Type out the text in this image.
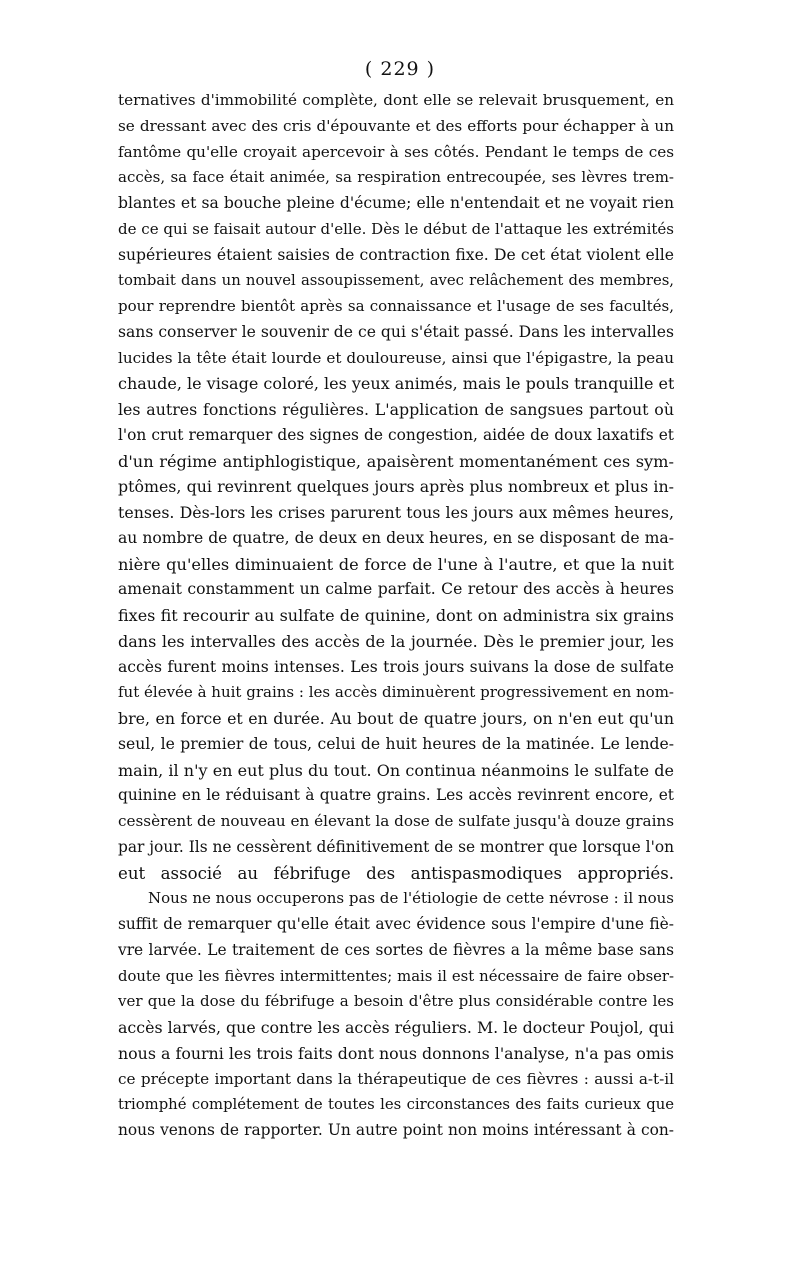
( 229 )
ternatives d'immobilité complète, dont elle se relevait brusquement, en
se dressant avec des cris d'épouvante et des efforts pour échapper à un
fantôme qu'elle croyait apercevoir à ses côtés. Pendant le temps de ces
accès, sa face était animée, sa respiration entrecoupée, ses lèvres trem-
blantes et sa bouche pleine d'écume; elle n'entendait et ne voyait rien
de ce qui se faisait autour d'elle. Dès le début de l'attaque les extrémités
supérieures étaient saisies de contraction fixe. De cet état violent elle
tombait dans un nouvel assoupissement, avec relâchement des membres,
pour reprendre bientôt après sa connaissance et l'usage de ses facultés,
sans conserver le souvenir de ce qui s'était passé. Dans les intervalles
lucides la tête était lourde et douloureuse, ainsi que l'épigastre, la peau
chaude, le visage coloré, les yeux animés, mais le pouls tranquille et
les autres fonctions régulières. L'application de sangsues partout où
l'on crut remarquer des signes de congestion, aidée de doux laxatifs et
d'un régime antiphlogistique, apaisèrent momentanément ces sym-
ptômes, qui revinrent quelques jours après plus nombreux et plus in-
tenses. Dès-lors les crises parurent tous les jours aux mêmes heures,
au nombre de quatre, de deux en deux heures, en se disposant de ma-
nière qu'elles diminuaient de force de l'une à l'autre, et que la nuit
amenait constamment un calme parfait. Ce retour des accès à heures
fixes fit recourir au sulfate de quinine, dont on administra six grains
dans les intervalles des accès de la journée. Dès le premier jour, les
accès furent moins intenses. Les trois jours suivans la dose de sulfate
fut élevée à huit grains : les accès diminuèrent progressivement en nom-
bre, en force et en durée. Au bout de quatre jours, on n'en eut qu'un
seul, le premier de tous, celui de huit heures de la matinée. Le lende-
main, il n'y en eut plus du tout. On continua néanmoins le sulfate de
quinine en le réduisant à quatre grains. Les accès revinrent encore, et
cessèrent de nouveau en élevant la dose de sulfate jusqu'à douze grains
par jour. Ils ne cessèrent définitivement de se montrer que lorsque l'on
eut associé au fébrifuge des antispasmodiques appropriés.
Nous ne nous occuperons pas de l'étiologie de cette névrose : il nous
suffit de remarquer qu'elle était avec évidence sous l'empire d'une fiè-
vre larvée. Le traitement de ces sortes de fièvres a la même base sans
doute que les fièvres intermittentes; mais il est nécessaire de faire obser-
ver que la dose du fébrifuge a besoin d'être plus considérable contre les
accès larvés, que contre les accès réguliers. M. le docteur Poujol, qui
nous a fourni les trois faits dont nous donnons l'analyse, n'a pas omis
ce précepte important dans la thérapeutique de ces fièvres : aussi a-t-il
triomphé complétement de toutes les circonstances des faits curieux que
nous venons de rapporter. Un autre point non moins intéressant à con-
